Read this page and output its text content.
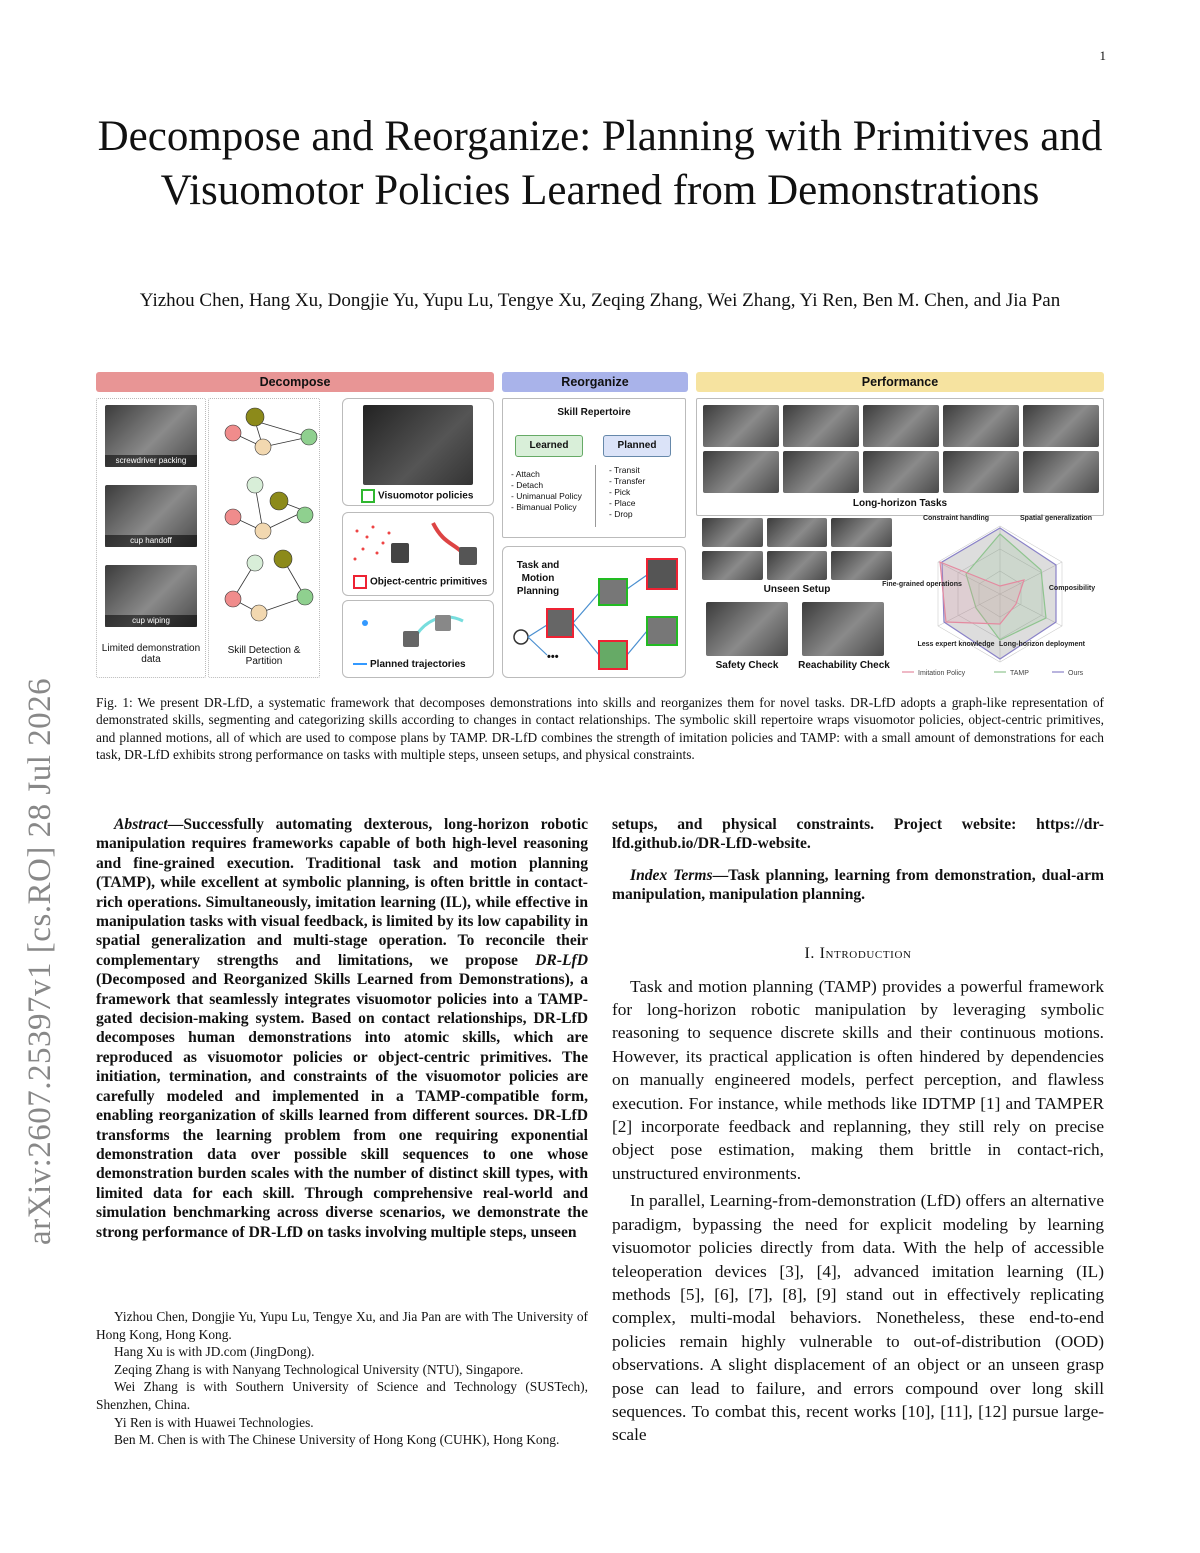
1
arXiv:2607.25397v1 [cs.RO] 28 Jul 2026
Decompose and Reorganize: Planning with Primitives and Visuomotor Policies Learned from Demonstrations
Yizhou Chen, Hang Xu, Dongjie Yu, Yupu Lu, Tengye Xu, Zeqing Zhang, Wei Zhang, Yi Ren, Ben M. Chen, and Jia Pan
Decompose
screwdriver packing
cup handoff
cup wiping
Limited demonstration data
Skill Detection & Partition
Visuomotor policies
Object-centric primitives
Planned trajectories
Reorganize
Skill Repertoire
Learned	Planned
- Attach
- Detach
- Unimanual Policy
- Bimanual Policy
- Transit
- Transfer
- Pick
- Place
- Drop
Task and Motion Planning
•••
Performance
Long-horizon Tasks
Unseen Setup
Safety Check	Reachability Check
Constraint handling	Spatial generalization
Composibility
Long-horizon deployment
Less expert knowledge
Fine-grained operations
Imitation Policy	TAMP	Ours
Fig. 1: We present DR-LfD, a systematic framework that decomposes demonstrations into skills and reorganizes them for novel tasks. DR-LfD adopts a graph-like representation of demonstrated skills, segmenting and categorizing skills according to changes in contact relationships. The symbolic skill repertoire wraps visuomotor policies, object-centric primitives, and planned motions, all of which are used to compose plans by TAMP. DR-LfD combines the strength of imitation policies and TAMP: with a small amount of demonstrations for each task, DR-LfD exhibits strong performance on tasks with multiple steps, unseen setups, and physical constraints.

Abstract—Successfully automating dexterous, long-horizon robotic manipulation requires frameworks capable of both high-level reasoning and fine-grained execution. Traditional task and motion planning (TAMP), while excellent at symbolic planning, is often brittle in contact-rich operations. Simultaneously, imitation learning (IL), while effective in manipulation tasks with visual feedback, is limited by its low capability in spatial generalization and multi-stage operation. To reconcile their complementary strengths and limitations, we propose DR-LfD (Decomposed and Reorganized Skills Learned from Demonstrations), a framework that seamlessly integrates visuomotor policies into a TAMP-gated decision-making system. Based on contact relationships, DR-LfD decomposes human demonstrations into atomic skills, which are reproduced as visuomotor policies or object-centric primitives. The initiation, termination, and constraints of the visuomotor policies are carefully modeled and implemented in a TAMP-compatible form, enabling reorganization of skills learned from different sources. DR-LfD transforms the learning problem from one requiring exponential demonstration data over possible skill sequences to one whose demonstration burden scales with the number of distinct skill types, with limited data for each skill. Through comprehensive real-world and simulation benchmarking across diverse scenarios, we demonstrate the strong performance of DR-LfD on tasks involving multiple steps, unseen

Yizhou Chen, Dongjie Yu, Yupu Lu, Tengye Xu, and Jia Pan are with The University of Hong Kong, Hong Kong.

Hang Xu is with JD.com (JingDong).

Zeqing Zhang is with Nanyang Technological University (NTU), Singapore.

Wei Zhang is with Southern University of Science and Technology (SUSTech), Shenzhen, China.

Yi Ren is with Huawei Technologies.

Ben M. Chen is with The Chinese University of Hong Kong (CUHK), Hong Kong.

setups, and physical constraints. Project website: https://dr-lfd.github.io/DR-LfD-website.

Index Terms—Task planning, learning from demonstration, dual-arm manipulation, manipulation planning.

I. Introduction

Task and motion planning (TAMP) provides a powerful framework for long-horizon robotic manipulation by leveraging symbolic reasoning to sequence discrete skills and their continuous motions. However, its practical application is often hindered by dependencies on manually engineered models, perfect perception, and flawless execution. For instance, while methods like IDTMP [1] and TAMPER [2] incorporate feedback and replanning, they still rely on precise object pose estimation, making them brittle in contact-rich, unstructured environments.

In parallel, Learning-from-demonstration (LfD) offers an alternative paradigm, bypassing the need for explicit modeling by learning visuomotor policies directly from data. With the help of accessible teleoperation devices [3], [4], advanced imitation learning (IL) methods [5], [6], [7], [8], [9] stand out in effectively replicating complex, multi-modal behaviors. Nonetheless, these end-to-end policies remain highly vulnerable to out-of-distribution (OOD) observations. A slight displacement of an object or an unseen grasp pose can lead to failure, and errors compound over long skill sequences. To combat this, recent works [10], [11], [12] pursue large-scale
